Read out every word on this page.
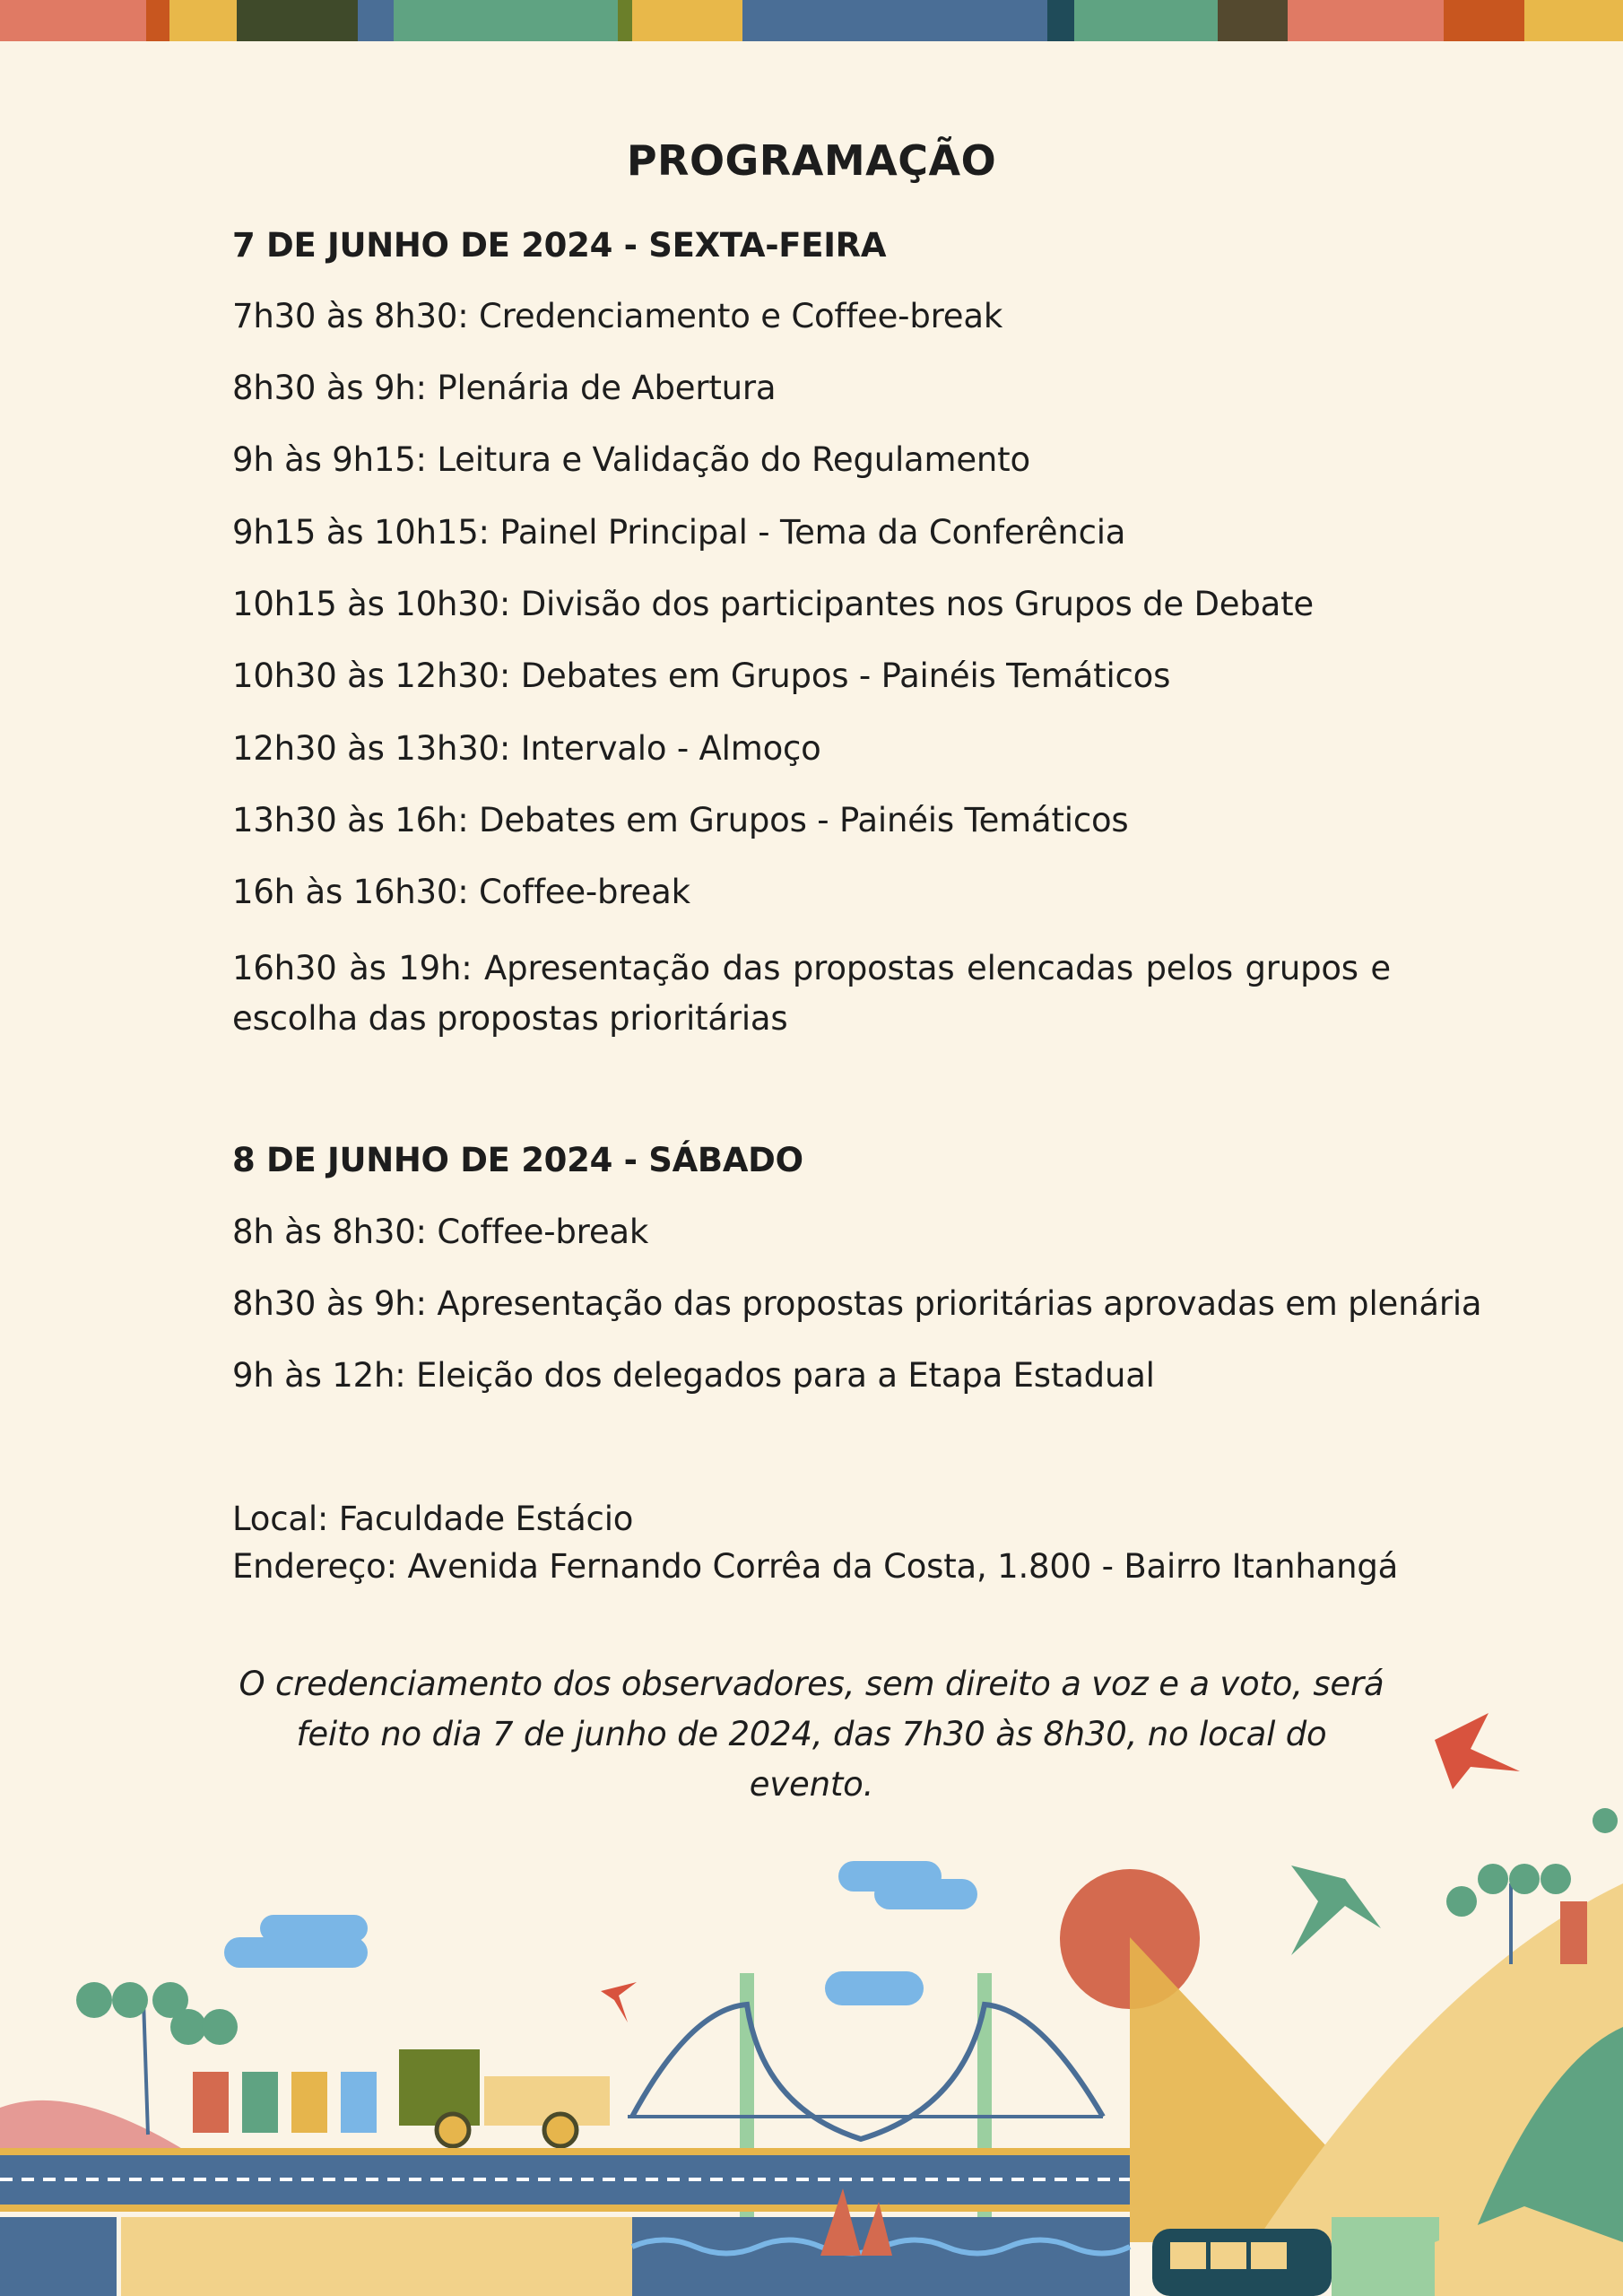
PROGRAMAÇÃO

7 DE JUNHO DE 2024 - SEXTA-FEIRA

7h30 às 8h30: Credenciamento e Coffee-break

8h30 às 9h: Plenária de Abertura

9h às 9h15: Leitura e Validação do Regulamento

9h15 às 10h15: Painel Principal - Tema da Conferência

10h15 às 10h30: Divisão dos participantes nos Grupos de Debate

10h30 às 12h30: Debates em Grupos - Painéis Temáticos

12h30 às 13h30: Intervalo - Almoço

13h30 às 16h: Debates em Grupos - Painéis Temáticos

16h às 16h30: Coffee-break

16h30 às 19h: Apresentação das propostas elencadas pelos grupos e escolha das propostas prioritárias

8 DE JUNHO DE 2024 - SÁBADO

8h às 8h30: Coffee-break

8h30 às 9h: Apresentação das propostas prioritárias aprovadas em plenária

9h às 12h: Eleição dos delegados para a Etapa Estadual

Local: Faculdade Estácio

Endereço: Avenida Fernando Corrêa da Costa, 1.800 - Bairro Itanhangá

O credenciamento dos observadores, sem direito a voz e a voto, será feito no dia 7 de junho de 2024, das 7h30 às 8h30, no local do evento.
